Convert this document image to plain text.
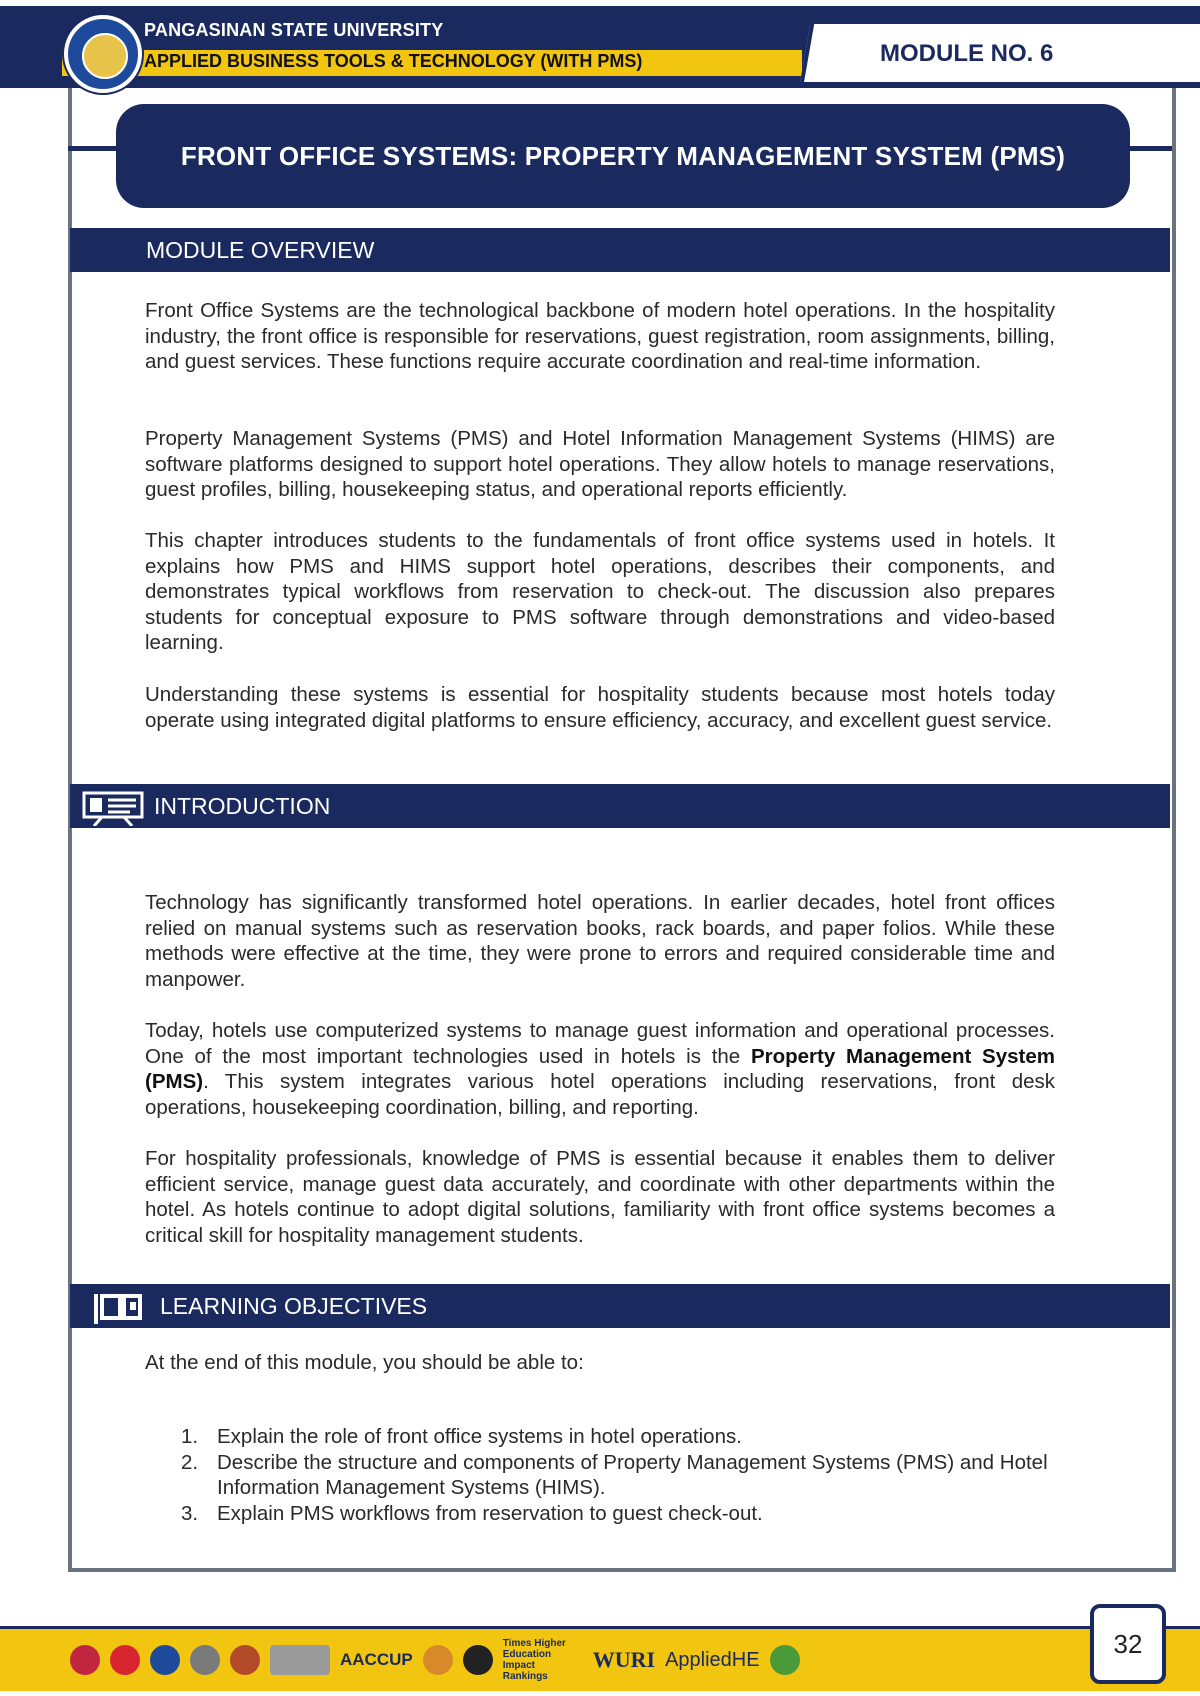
MODULE NO. 6
PANGASINAN STATE UNIVERSITY
APPLIED BUSINESS TOOLS & TECHNOLOGY (WITH PMS)
FRONT OFFICE SYSTEMS: PROPERTY MANAGEMENT SYSTEM (PMS)
MODULE OVERVIEW
Front Office Systems are the technological backbone of modern hotel operations. In the hospitality industry, the front office is responsible for reservations, guest registration, room assignments, billing, and guest services. These functions require accurate coordination and real-time information.
Property Management Systems (PMS) and Hotel Information Management Systems (HIMS) are software platforms designed to support hotel operations. They allow hotels to manage reservations, guest profiles, billing, housekeeping status, and operational reports efficiently.
This chapter introduces students to the fundamentals of front office systems used in hotels. It explains how PMS and HIMS support hotel operations, describes their components, and demonstrates typical workflows from reservation to check-out. The discussion also prepares students for conceptual exposure to PMS software through demonstrations and video-based learning.
Understanding these systems is essential for hospitality students because most hotels today operate using integrated digital platforms to ensure efficiency, accuracy, and excellent guest service.
INTRODUCTION
Technology has significantly transformed hotel operations. In earlier decades, hotel front offices relied on manual systems such as reservation books, rack boards, and paper folios. While these methods were effective at the time, they were prone to errors and required considerable time and manpower.
Today, hotels use computerized systems to manage guest information and operational processes. One of the most important technologies used in hotels is the Property Management System (PMS). This system integrates various hotel operations including reservations, front desk operations, housekeeping coordination, billing, and reporting.
For hospitality professionals, knowledge of PMS is essential because it enables them to deliver efficient service, manage guest data accurately, and coordinate with other departments within the hotel. As hotels continue to adopt digital solutions, familiarity with front office systems becomes a critical skill for hospitality management students.
LEARNING OBJECTIVES
At the end of this module, you should be able to:
1. Explain the role of front office systems in hotel operations.
2. Describe the structure and components of Property Management Systems (PMS) and Hotel Information Management Systems (HIMS).
3. Explain PMS workflows from reservation to guest check-out.
AACCUP
Times Higher Education Impact Rankings
WURI AppliedHE
32
